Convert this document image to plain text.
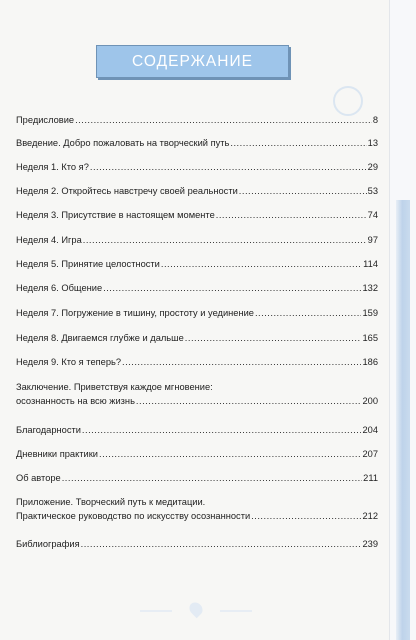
СОДЕРЖАНИЕ
Предисловие .....	8
Введение. Добро пожаловать на творческий путь .....	13
Неделя 1. Кто я? .....	29
Неделя 2. Откройтесь навстречу своей реальности .....	53
Неделя 3. Присутствие в настоящем моменте .....	74
Неделя 4. Игра .....	97
Неделя 5. Принятие целостности .....	114
Неделя 6. Общение .....	132
Неделя 7. Погружение в тишину, простоту и уединение .....	159
Неделя 8. Двигаемся глубже и дальше .....	165
Неделя 9. Кто я теперь? .....	186
Заключение. Приветствуя каждое мгновение:
осознанность на всю жизнь .....	200
Благодарности .....	204
Дневники практики .....	207
Об авторе .....	211
Приложение. Творческий путь к медитации.
Практическое руководство по искусству осознанности .....	212
Библиография .....	239
